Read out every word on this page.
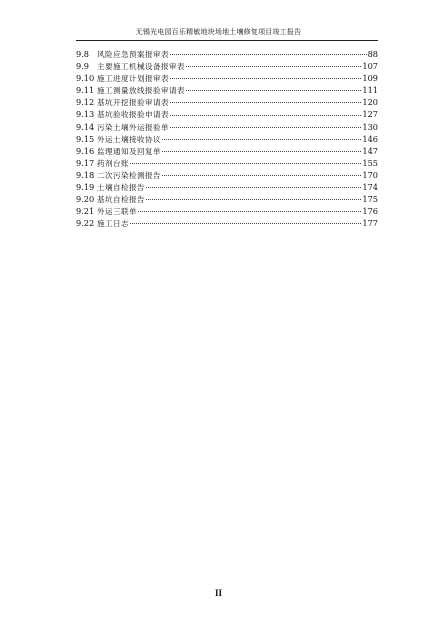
无锡光电园百乐精敏地块场地土壤修复项目竣工报告
9.8	风险应急预案报审表	88
9.9	主要施工机械设备报审表	107
9.10 施工进度计划报审表	109
9.11 施工测量放线报验审请表	111
9.12 基坑开挖报验审请表	120
9.13 基坑验收报验申请表	127
9.14 污染土壤外运报验单	130
9.15 外运土壤接收协议	146
9.16 监理通知及回复单	147
9.17 药剂台账	155
9.18 二次污染检测报告	170
9.19 土壤自检报告	174
9.20 基坑自检报告	175
9.21 外运三联单	176
9.22 施工日志	177
II
